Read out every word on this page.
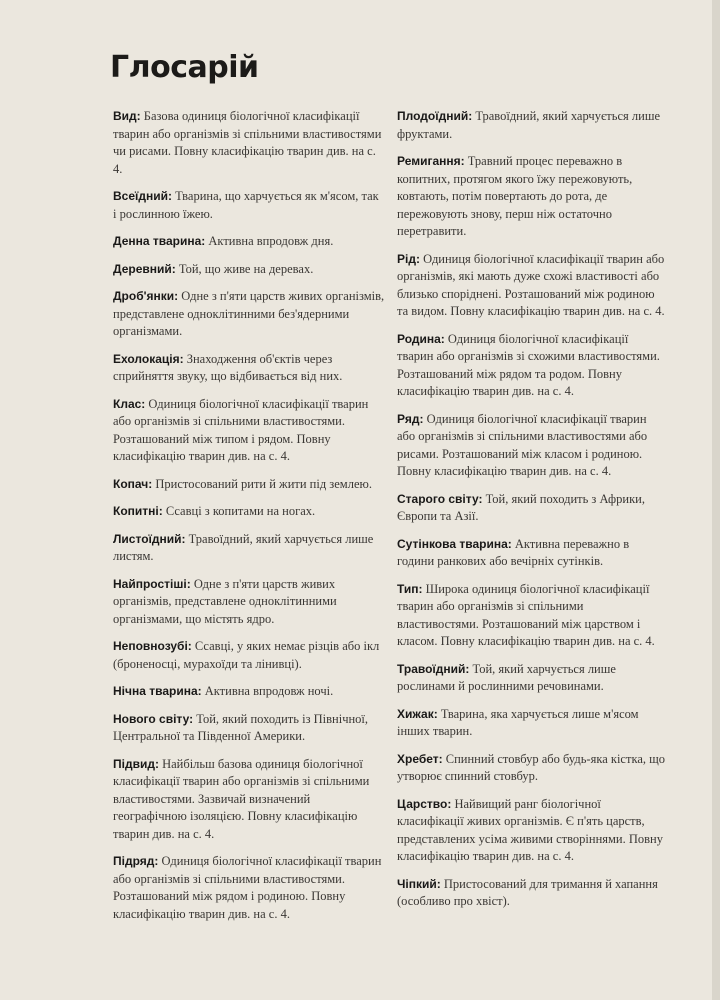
Глосарій

Вид: Базова одиниця біологічної класифікації тварин або організмів зі спільними властивостями чи рисами. Повну класифікацію тварин див. на с. 4.

Всеїдний: Тварина, що харчується як м'ясом, так і рослинною їжею.

Денна тварина: Активна впродовж дня.

Деревний: Той, що живе на деревах.

Дроб'янки: Одне з п'яти царств живих організмів, представлене одноклітинними без'ядерними організмами.

Ехолокація: Знаходження об'єктів через сприйняття звуку, що відбивається від них.

Клас: Одиниця біологічної класифікації тварин або організмів зі спільними властивостями. Розташований між типом і рядом. Повну класифікацію тварин див. на с. 4.

Копач: Пристосований рити й жити під землею.

Копитні: Ссавці з копитами на ногах.

Листоїдний: Травоїдний, який харчується лише листям.

Найпростіші: Одне з п'яти царств живих організмів, представлене одноклітинними організмами, що містять ядро.

Неповнозубі: Ссавці, у яких немає різців або ікл (броненосці, мурахоїди та лінивці).

Нічна тварина: Активна впродовж ночі.

Нового світу: Той, який походить із Північної, Центральної та Південної Америки.

Підвид: Найбільш базова одиниця біологічної класифікації тварин або організмів зі спільними властивостями. Зазвичай визначений географічною ізоляцією. Повну класифікацію тварин див. на с. 4.

Підряд: Одиниця біологічної класифікації тварин або організмів зі спільними властивостями. Розташований між рядом і родиною. Повну класифікацію тварин див. на с. 4.

Плодоїдний: Травоїдний, який харчується лише фруктами.

Ремигання: Травний процес переважно в копитних, протягом якого їжу пережовують, ковтають, потім повертають до рота, де пережовують знову, перш ніж остаточно перетравити.

Рід: Одиниця біологічної класифікації тварин або організмів, які мають дуже схожі властивості або близько споріднені. Розташований між родиною та видом. Повну класифікацію тварин див. на с. 4.

Родина: Одиниця біологічної класифікації тварин або організмів зі схожими властивостями. Розташований між рядом та родом. Повну класифікацію тварин див. на с. 4.

Ряд: Одиниця біологічної класифікації тварин або організмів зі спільними властивостями або рисами. Розташований між класом і родиною. Повну класифікацію тварин див. на с. 4.

Старого світу: Той, який походить з Африки, Європи та Азії.

Сутінкова тварина: Активна переважно в години ранкових або вечірніх сутінків.

Тип: Широка одиниця біологічної класифікації тварин або організмів зі спільними властивостями. Розташований між царством і класом. Повну класифікацію тварин див. на с. 4.

Травоїдний: Той, який харчується лише рослинами й рослинними речовинами.

Хижак: Тварина, яка харчується лише м'ясом інших тварин.

Хребет: Спинний стовбур або будь-яка кістка, що утворює спинний стовбур.

Царство: Найвищий ранг біологічної класифікації живих організмів. Є п'ять царств, представлених усіма живими створіннями. Повну класифікацію тварин див. на с. 4.

Чіпкий: Пристосований для тримання й хапання (особливо про хвіст).
